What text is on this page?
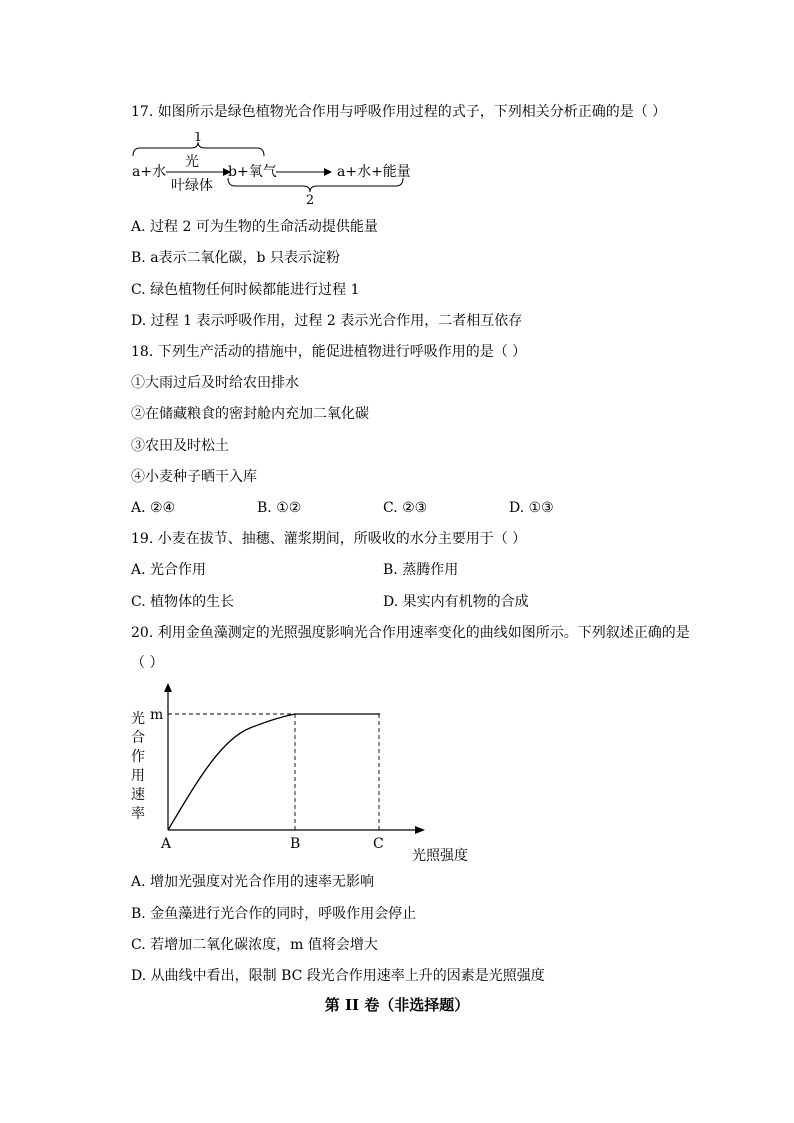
17. 如图所示是绿色植物光合作用与呼吸作用过程的式子，下列相关分析正确的是（ ）
1
a+水
光
叶绿体
b+氧气	a+水+能量
2
A. 过程 2 可为生物的生命活动提供能量
B. a表示二氧化碳，b 只表示淀粉
C. 绿色植物任何时候都能进行过程 1
D. 过程 1 表示呼吸作用，过程 2 表示光合作用，二者相互依存
18. 下列生产活动的措施中，能促进植物进行呼吸作用的是（ ）
①大雨过后及时给农田排水
②在储藏粮食的密封舱内充加二氧化碳
③农田及时松土
④小麦种子晒干入库
A. ②④	B. ①②	C. ②③	D. ①③
19. 小麦在拔节、抽穗、灌浆期间，所吸收的水分主要用于（ ）
A. 光合作用	B. 蒸腾作用
C. 植物体的生长	D. 果实内有机物的合成
20. 利用金鱼藻测定的光照强度影响光合作用速率变化的曲线如图所示。下列叙述正确的是
（ ）
光
合
作
用
速
率
m
A	B	C
光照强度
A. 增加光强度对光合作用的速率无影响
B. 金鱼藻进行光合作的同时，呼吸作用会停止
C. 若增加二氧化碳浓度，m 值将会增大
D. 从曲线中看出，限制 BC 段光合作用速率上升的因素是光照强度
第 II 卷（非选择题）
